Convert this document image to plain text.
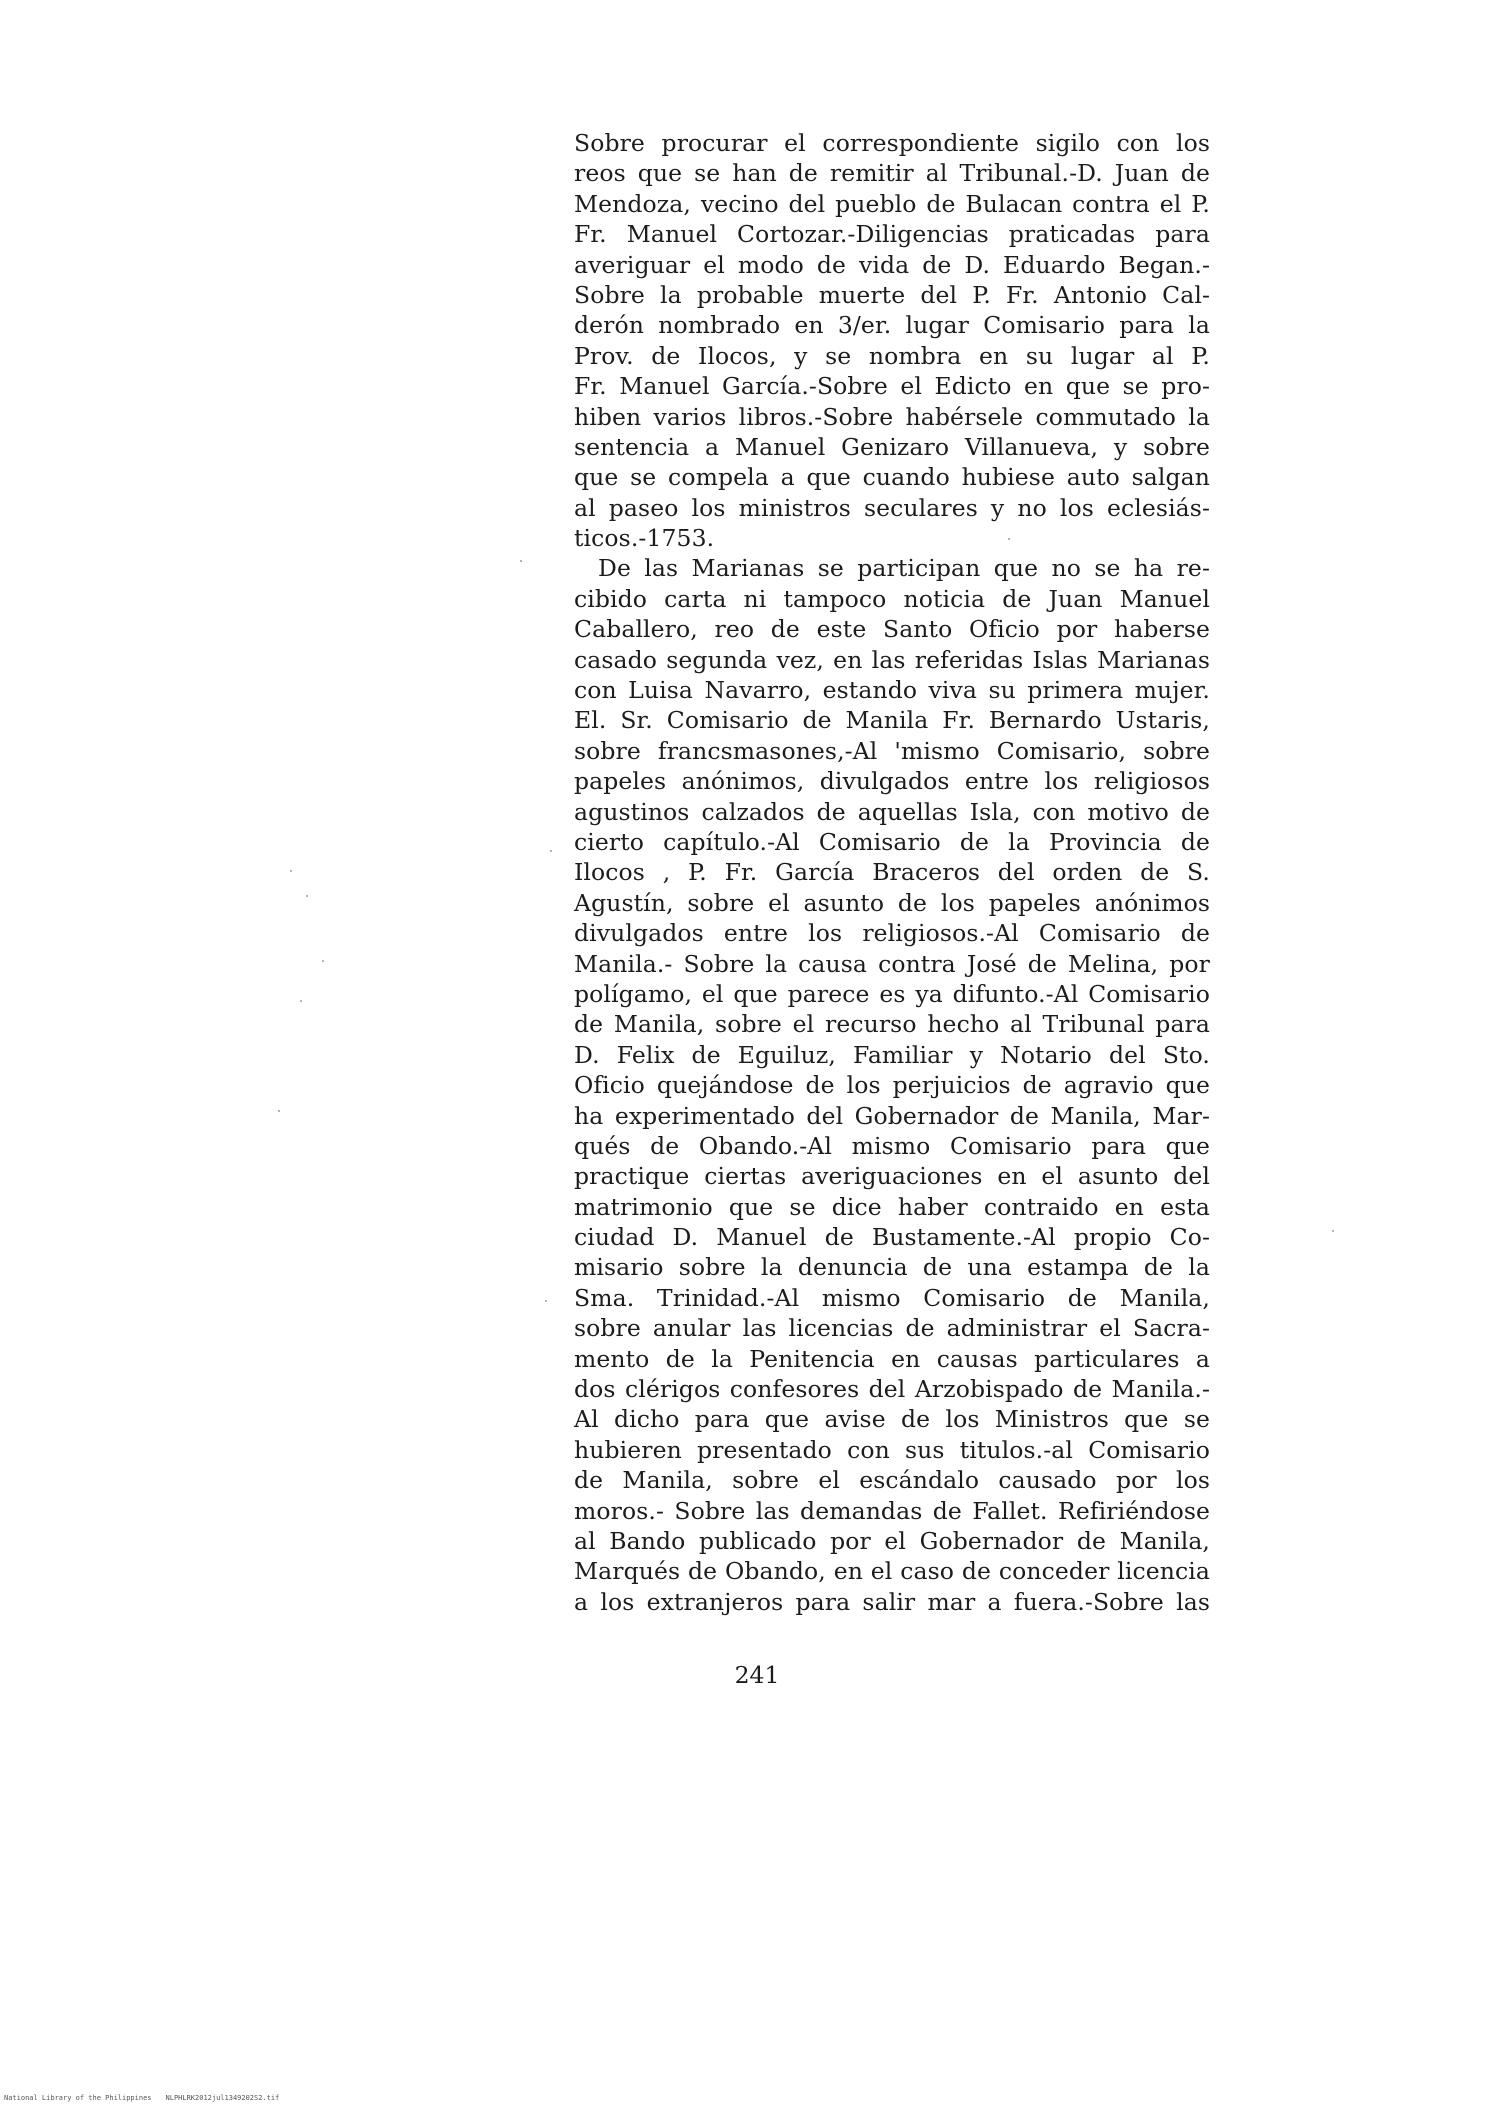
Sobre procurar el correspondiente sigilo con los
reos que se han de remitir al Tribunal.-D. Juan de
Mendoza, vecino del pueblo de Bulacan contra el P.
Fr. Manuel Cortozar.-Diligencias praticadas para
averiguar el modo de vida de D. Eduardo Began.-
Sobre la probable muerte del P. Fr. Antonio Cal-
derón nombrado en 3/er. lugar Comisario para la
Prov. de Ilocos, y se nombra en su lugar al P.
Fr. Manuel García.-Sobre el Edicto en que se pro-
hiben varios libros.-Sobre habérsele commutado la
sentencia a Manuel Genizaro Villanueva, y sobre
que se compela a que cuando hubiese auto salgan
al paseo los ministros seculares y no los eclesiás-
ticos.-1753.
De las Marianas se participan que no se ha re-
cibido carta ni tampoco noticia de Juan Manuel
Caballero, reo de este Santo Oficio por haberse
casado segunda vez, en las referidas Islas Marianas
con Luisa Navarro, estando viva su primera mujer.
El. Sr. Comisario de Manila Fr. Bernardo Ustaris,
sobre francsmasones,-Al 'mismo Comisario, sobre
papeles anónimos, divulgados entre los religiosos
agustinos calzados de aquellas Isla, con motivo de
cierto capítulo.-Al Comisario de la Provincia de
Ilocos , P. Fr. García Braceros del orden de S.
Agustín, sobre el asunto de los papeles anónimos
divulgados entre los religiosos.-Al Comisario de
Manila.- Sobre la causa contra José de Melina, por
polígamo, el que parece es ya difunto.-Al Comisario
de Manila, sobre el recurso hecho al Tribunal para
D. Felix de Eguiluz, Familiar y Notario del Sto.
Oficio quejándose de los perjuicios de agravio que
ha experimentado del Gobernador de Manila, Mar-
qués de Obando.-Al mismo Comisario para que
practique ciertas averiguaciones en el asunto del
matrimonio que se dice haber contraido en esta
ciudad D. Manuel de Bustamente.-Al propio Co-
misario sobre la denuncia de una estampa de la
Sma. Trinidad.-Al mismo Comisario de Manila,
sobre anular las licencias de administrar el Sacra-
mento de la Penitencia en causas particulares a
dos clérigos confesores del Arzobispado de Manila.-
Al dicho para que avise de los Ministros que se
hubieren presentado con sus titulos.-al Comisario
de Manila, sobre el escándalo causado por los
moros.- Sobre las demandas de Fallet. Refiriéndose
al Bando publicado por el Gobernador de Manila,
Marqués de Obando, en el caso de conceder licencia
a los extranjeros para salir mar a fuera.-Sobre las
241
National Library of the Philippines NLPHLRK2012jul1349202S2.tif
